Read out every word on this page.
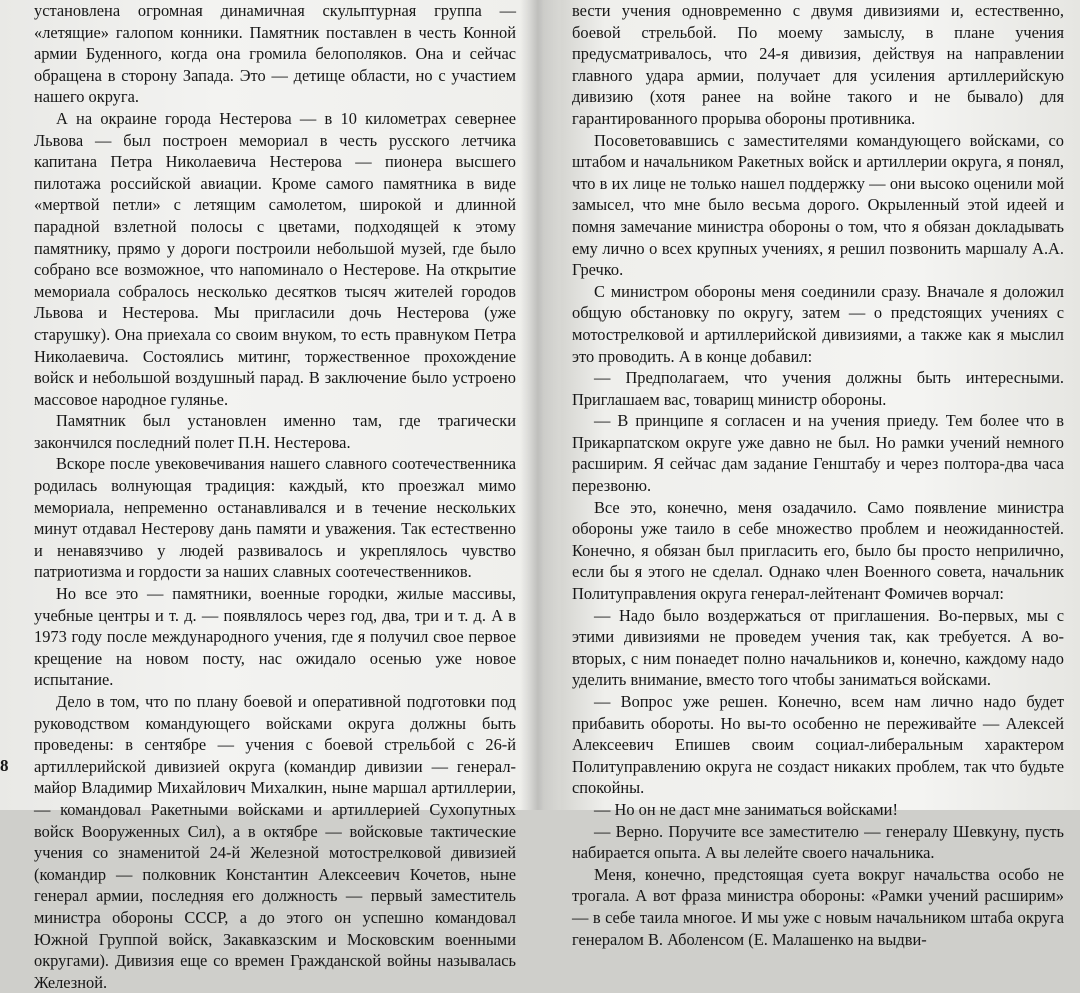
установлена огромная динамичная скульптурная группа — «летящие» галопом конники. Памятник поставлен в честь Конной армии Буденного, когда она громила белополяков. Она и сейчас обращена в сторону Запада. Это — детище области, но с участием нашего округа.

А на окраине города Нестерова — в 10 километрах севернее Львова — был построен мемориал в честь русского летчика капитана Петра Николаевича Нестерова — пионера высшего пилотажа российской авиации. Кроме самого памятника в виде «мертвой петли» с летящим самолетом, широкой и длинной парадной взлетной полосы с цветами, подходящей к этому памятнику, прямо у дороги построили небольшой музей, где было собрано все возможное, что напоминало о Нестерове. На открытие мемориала собралось несколько десятков тысяч жителей городов Львова и Нестерова. Мы пригласили дочь Нестерова (уже старушку). Она приехала со своим внуком, то есть правнуком Петра Николаевича. Состоялись митинг, торжественное прохождение войск и небольшой воздушный парад. В заключение было устроено массовое народное гулянье.

Памятник был установлен именно там, где трагически закончился последний полет П.Н. Нестерова.

Вскоре после увековечивания нашего славного соотечественника родилась волнующая традиция: каждый, кто проезжал мимо мемориала, непременно останавливался и в течение нескольких минут отдавал Нестерову дань памяти и уважения. Так естественно и ненавязчиво у людей развивалось и укреплялось чувство патриотизма и гордости за наших славных соотечественников.

Но все это — памятники, военные городки, жилые массивы, учебные центры и т. д. — появлялось через год, два, три и т. д. А в 1973 году после международного учения, где я получил свое первое крещение на новом посту, нас ожидало осенью уже новое испытание.

Дело в том, что по плану боевой и оперативной подготовки под руководством командующего войсками округа должны быть проведены: в сентябре — учения с боевой стрельбой с 26-й артиллерийской дивизией округа (командир дивизии — генерал-майор Владимир Михайлович Михалкин, ныне маршал артиллерии, — командовал Ракетными войсками и артиллерией Сухопутных войск Вооруженных Сил), а в октябре — войсковые тактические учения со знаменитой 24-й Железной мотострелковой дивизией (командир — полковник Константин Алексеевич Кочетов, ныне генерал армии, последняя его должность — первый заместитель министра обороны СССР, а до этого он успешно командовал Южной Группой войск, Закавказским и Московским военными округами). Дивизия еще со времен Гражданской войны называлась Железной.

8

вести учения одновременно с двумя дивизиями и, естественно, боевой стрельбой. По моему замыслу, в плане учения предусматривалось, что 24-я дивизия, действуя на направлении главного удара армии, получает для усиления артиллерийскую дивизию (хотя ранее на войне такого и не бывало) для гарантированного прорыва обороны противника.

Посоветовавшись с заместителями командующего войсками, со штабом и начальником Ракетных войск и артиллерии округа, я понял, что в их лице не только нашел поддержку — они высоко оценили мой замысел, что мне было весьма дорого. Окрыленный этой идеей и помня замечание министра обороны о том, что я обязан докладывать ему лично о всех крупных учениях, я решил позвонить маршалу А.А. Гречко.

С министром обороны меня соединили сразу. Вначале я доложил общую обстановку по округу, затем — о предстоящих учениях с мотострелковой и артиллерийской дивизиями, а также как я мыслил это проводить. А в конце добавил:

— Предполагаем, что учения должны быть интересными. Приглашаем вас, товарищ министр обороны.

— В принципе я согласен и на учения приеду. Тем более что в Прикарпатском округе уже давно не был. Но рамки учений немного расширим. Я сейчас дам задание Генштабу и через полтора-два часа перезвоню.

Все это, конечно, меня озадачило. Само появление министра обороны уже таило в себе множество проблем и неожиданностей. Конечно, я обязан был пригласить его, было бы просто неприлично, если бы я этого не сделал. Однако член Военного совета, начальник Политуправления округа генерал-лейтенант Фомичев ворчал:

— Надо было воздержаться от приглашения. Во-первых, мы с этими дивизиями не проведем учения так, как требуется. А во-вторых, с ним понаедет полно начальников и, конечно, каждому надо уделить внимание, вместо того чтобы заниматься войсками.

— Вопрос уже решен. Конечно, всем нам лично надо будет прибавить обороты. Но вы-то особенно не переживайте — Алексей Алексеевич Епишев своим социал-либеральным характером Политуправлению округа не создаст никаких проблем, так что будьте спокойны.

— Но он не даст мне заниматься войсками!

— Верно. Поручите все заместителю — генералу Шевкуну, пусть набирается опыта. А вы лелейте своего начальника.

Меня, конечно, предстоящая суета вокруг начальства особо не трогала. А вот фраза министра обороны: «Рамки учений расширим» — в себе таила многое. И мы уже с новым начальником штаба округа генералом В. Аболенсом (Е. Малашенко на выдви-
